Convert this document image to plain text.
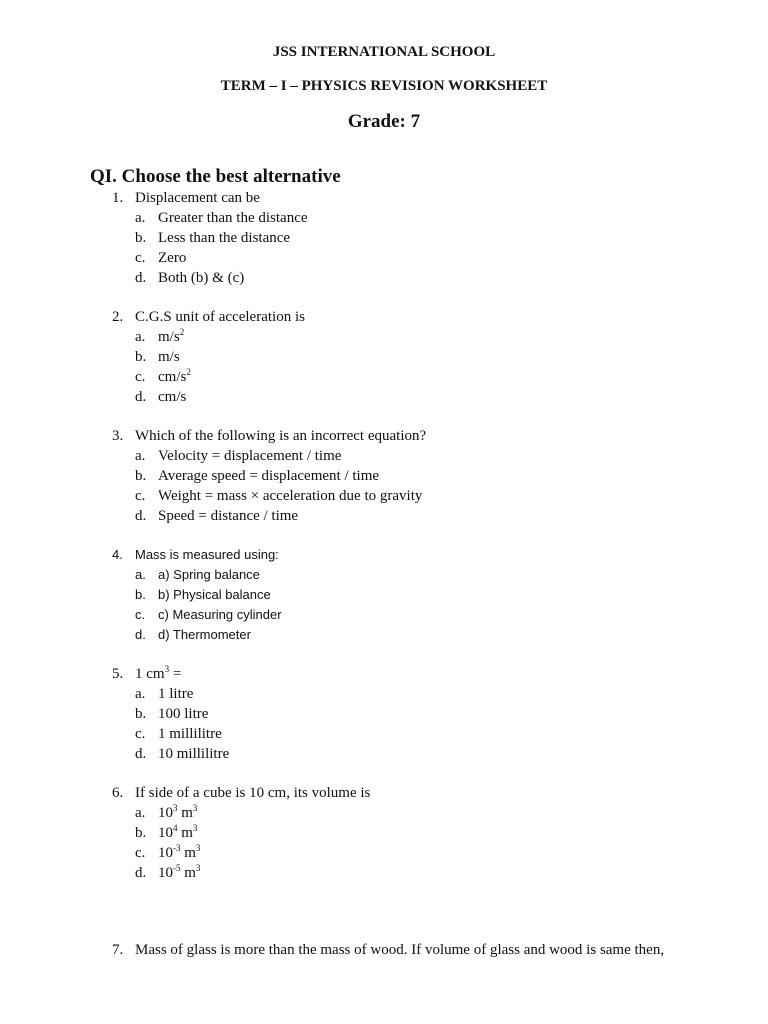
JSS INTERNATIONAL SCHOOL
TERM – I – PHYSICS REVISION WORKSHEET
Grade: 7
QI. Choose the best alternative
1. Displacement can be
a. Greater than the distance
b. Less than the distance
c. Zero
d. Both (b) & (c)
2. C.G.S unit of acceleration is
a. $m/s^2$
b. m/s
c. $cm/s^2$
d. cm/s
3. Which of the following is an incorrect equation?
a. Velocity = displacement / time
b. Average speed = displacement / time
c. Weight = mass × acceleration due to gravity
d. Speed = distance / time
4. Mass is measured using:
a. a) Spring balance
b. b) Physical balance
c. c) Measuring cylinder
d. d) Thermometer
5. 1 $cm^3$ =
a. 1 litre
b. 100 litre
c. 1 millilitre
d. 10 millilitre
6. If side of a cube is 10 cm, its volume is
a. $10^3$ $m^3$
b. $10^4$ $m^3$
c. $10^{-3}$ $m^3$
d. $10^{-5}$ $m^3$
7. Mass of glass is more than the mass of wood. If volume of glass and wood is same then,
